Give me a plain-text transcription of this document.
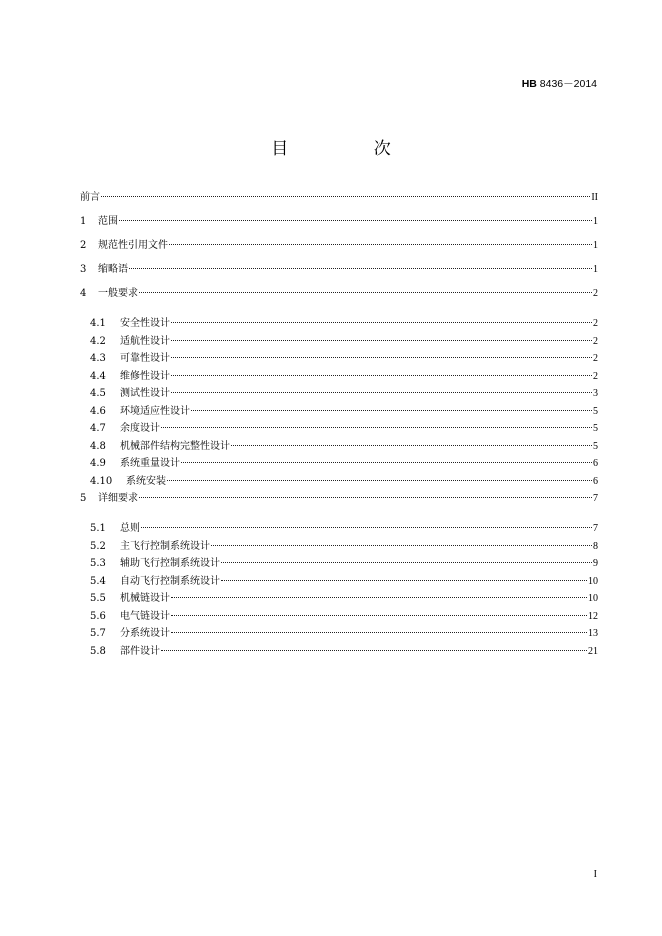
HB 8436－2014
目 次
前言	II
1	范围	1
2	规范性引用文件	1
3	缩略语	1
4	一般要求	2
4.1	安全性设计	2
4.2	适航性设计	2
4.3	可靠性设计	2
4.4	维修性设计	2
4.5	测试性设计	3
4.6	环境适应性设计	5
4.7	余度设计	5
4.8	机械部件结构完整性设计	5
4.9	系统重量设计	6
4.10	系统安装	6
5	详细要求	7
5.1	总则	7
5.2	主飞行控制系统设计	8
5.3	辅助飞行控制系统设计	9
5.4	自动飞行控制系统设计	10
5.5	机械链设计	10
5.6	电气链设计	12
5.7	分系统设计	13
5.8	部件设计	21
I
